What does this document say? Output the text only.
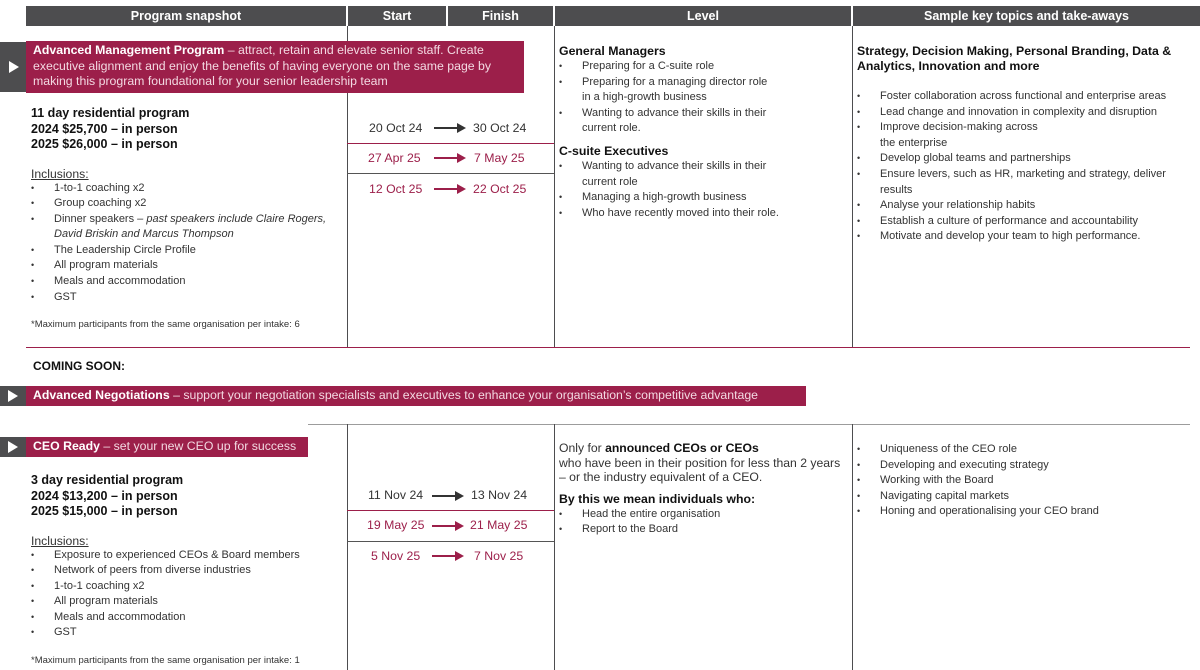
Program snapshot	Start	Finish	Level	Sample key topics and take-aways
Advanced Management Program – attract, retain and elevate senior staff. Create executive alignment and enjoy the benefits of having everyone on the same page by making this program foundational for your senior leadership team
11 day residential program
2024 $25,700 – in person
2025 $26,000 – in person
Inclusions:
• 1-to-1 coaching x2
• Group coaching x2
• Dinner speakers – past speakers include Claire Rogers, David Briskin and Marcus Thompson
• The Leadership Circle Profile
• All program materials
• Meals and accommodation
• GST
*Maximum participants from the same organisation per intake: 6
20 Oct 24	30 Oct 24
27 Apr 25	7 May 25
12 Oct 25	22 Oct 25
General Managers
• Preparing for a C-suite role
• Preparing for a managing director role in a high-growth business
• Wanting to advance their skills in their current role.
C-suite Executives
• Wanting to advance their skills in their current role
• Managing a high-growth business
• Who have recently moved into their role.
Strategy, Decision Making, Personal Branding, Data & Analytics, Innovation and more
• Foster collaboration across functional and enterprise areas
• Lead change and innovation in complexity and disruption
• Improve decision-making across the enterprise
• Develop global teams and partnerships
• Ensure levers, such as HR, marketing and strategy, deliver results
• Analyse your relationship habits
• Establish a culture of performance and accountability
• Motivate and develop your team to high performance.
COMING SOON:
Advanced Negotiations – support your negotiation specialists and executives to enhance your organisation’s competitive advantage
CEO Ready – set your new CEO up for success
3 day residential program
2024 $13,200 – in person
2025 $15,000 – in person
Inclusions:
• Exposure to experienced CEOs & Board members
• Network of peers from diverse industries
• 1-to-1 coaching x2
• All program materials
• Meals and accommodation
• GST
*Maximum participants from the same organisation per intake: 1
11 Nov 24	13 Nov 24
19 May 25	21 May 25
5 Nov 25	7 Nov 25
Only for announced CEOs or CEOs
who have been in their position for less than 2 years – or the industry equivalent of a CEO.
By this we mean individuals who:
• Head the entire organisation
• Report to the Board
• Uniqueness of the CEO role
• Developing and executing strategy
• Working with the Board
• Navigating capital markets
• Honing and operationalising your CEO brand
